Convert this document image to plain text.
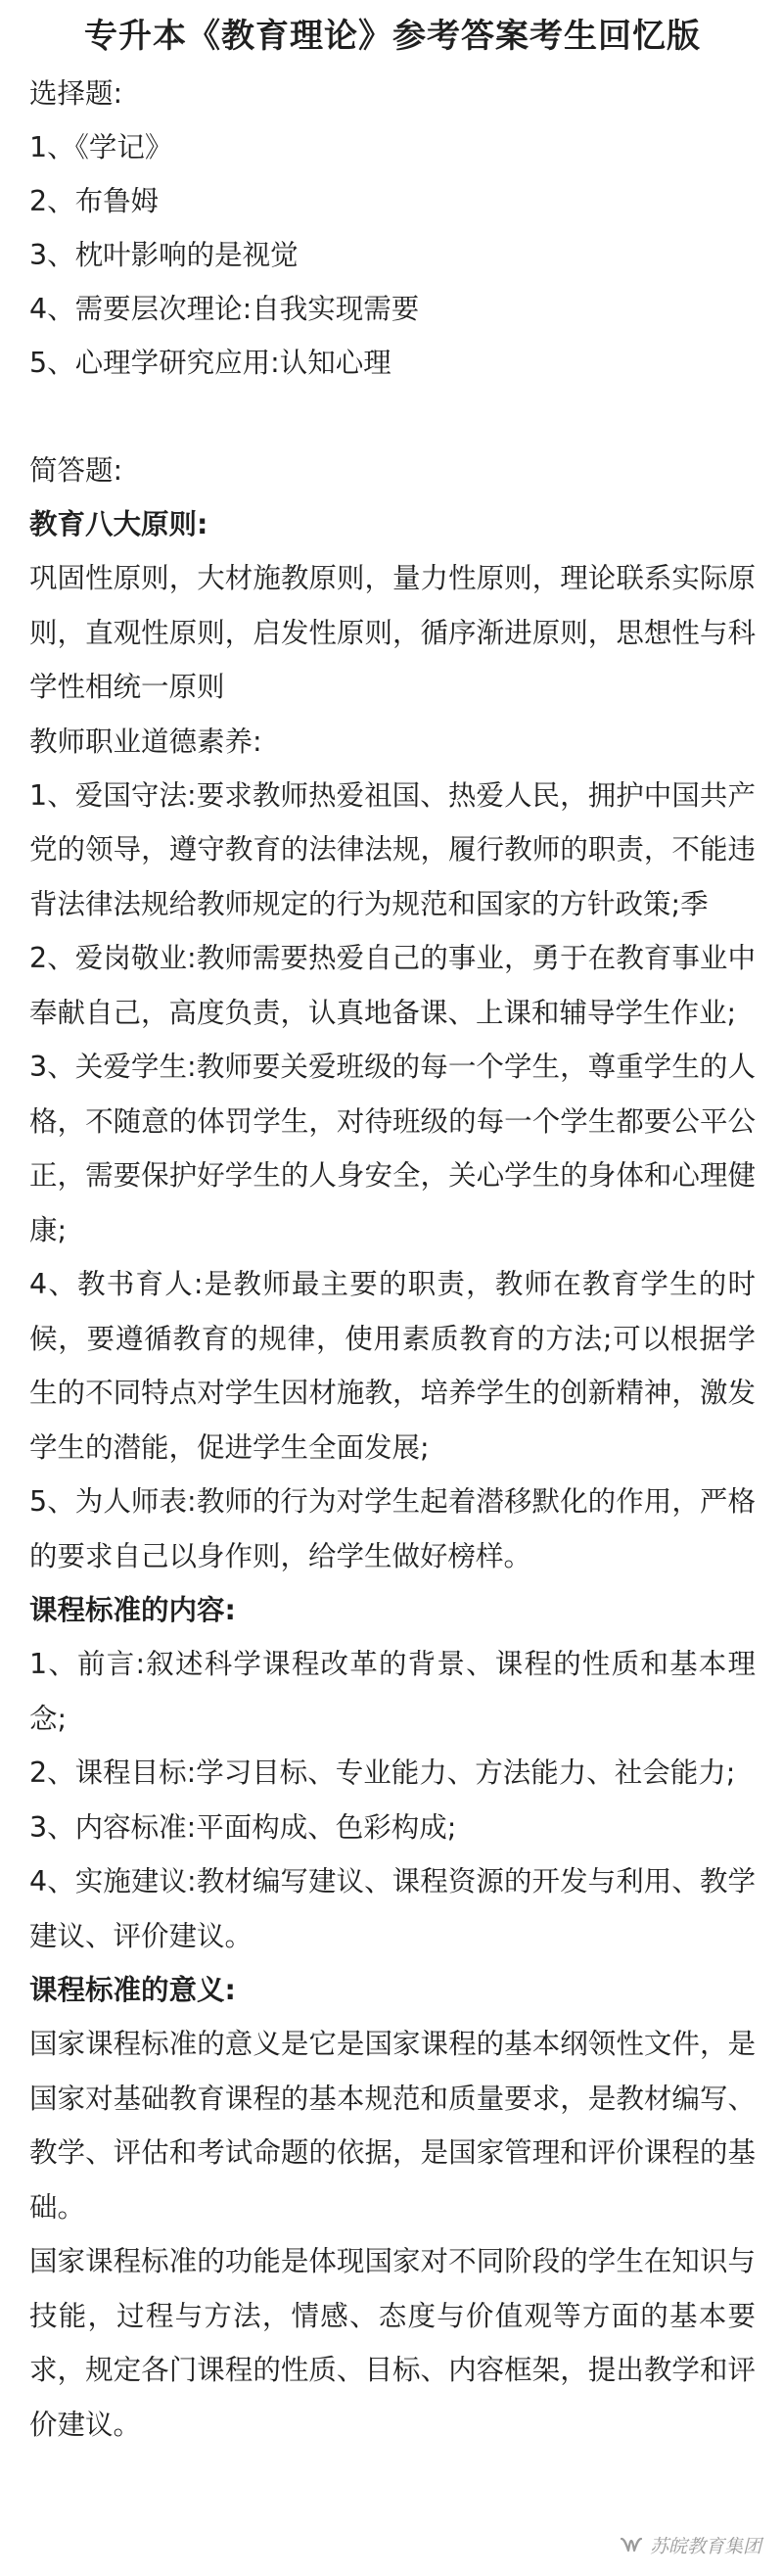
专升本《教育理论》参考答案考生回忆版

选择题:

1、《学记》

2、布鲁姆

3、枕叶影响的是视觉

4、需要层次理论:自我实现需要

5、心理学研究应用:认知心理

简答题:

教育八大原则:

巩固性原则，大材施教原则，量力性原则，理论联系实际原则，直观性原则，启发性原则，循序渐进原则，思想性与科学性相统一原则

教师职业道德素养:

1、爱国守法:要求教师热爱祖国、热爱人民，拥护中国共产党的领导，遵守教育的法律法规，履行教师的职责，不能违背法律法规给教师规定的行为规范和国家的方针政策;季

2、爱岗敬业:教师需要热爱自己的事业，勇于在教育事业中奉献自己，高度负责，认真地备课、上课和辅导学生作业;

3、关爱学生:教师要关爱班级的每一个学生，尊重学生的人格，不随意的体罚学生，对待班级的每一个学生都要公平公正，需要保护好学生的人身安全，关心学生的身体和心理健康;

4、教书育人:是教师最主要的职责，教师在教育学生的时候，要遵循教育的规律，使用素质教育的方法;可以根据学生的不同特点对学生因材施教，培养学生的创新精神，激发学生的潜能，促进学生全面发展;

5、为人师表:教师的行为对学生起着潜移默化的作用，严格的要求自己以身作则，给学生做好榜样。

课程标准的内容:

1、前言:叙述科学课程改革的背景、课程的性质和基本理念;

2、课程目标:学习目标、专业能力、方法能力、社会能力;

3、内容标准:平面构成、色彩构成;

4、实施建议:教材编写建议、课程资源的开发与利用、教学建议、评价建议。

课程标准的意义:

国家课程标准的意义是它是国家课程的基本纲领性文件，是国家对基础教育课程的基本规范和质量要求，是教材编写、教学、评估和考试命题的依据，是国家管理和评价课程的基础。

国家课程标准的功能是体现国家对不同阶段的学生在知识与技能，过程与方法，情感、态度与价值观等方面的基本要求，规定各门课程的性质、目标、内容框架，提出教学和评价建议。

苏皖教育集团
